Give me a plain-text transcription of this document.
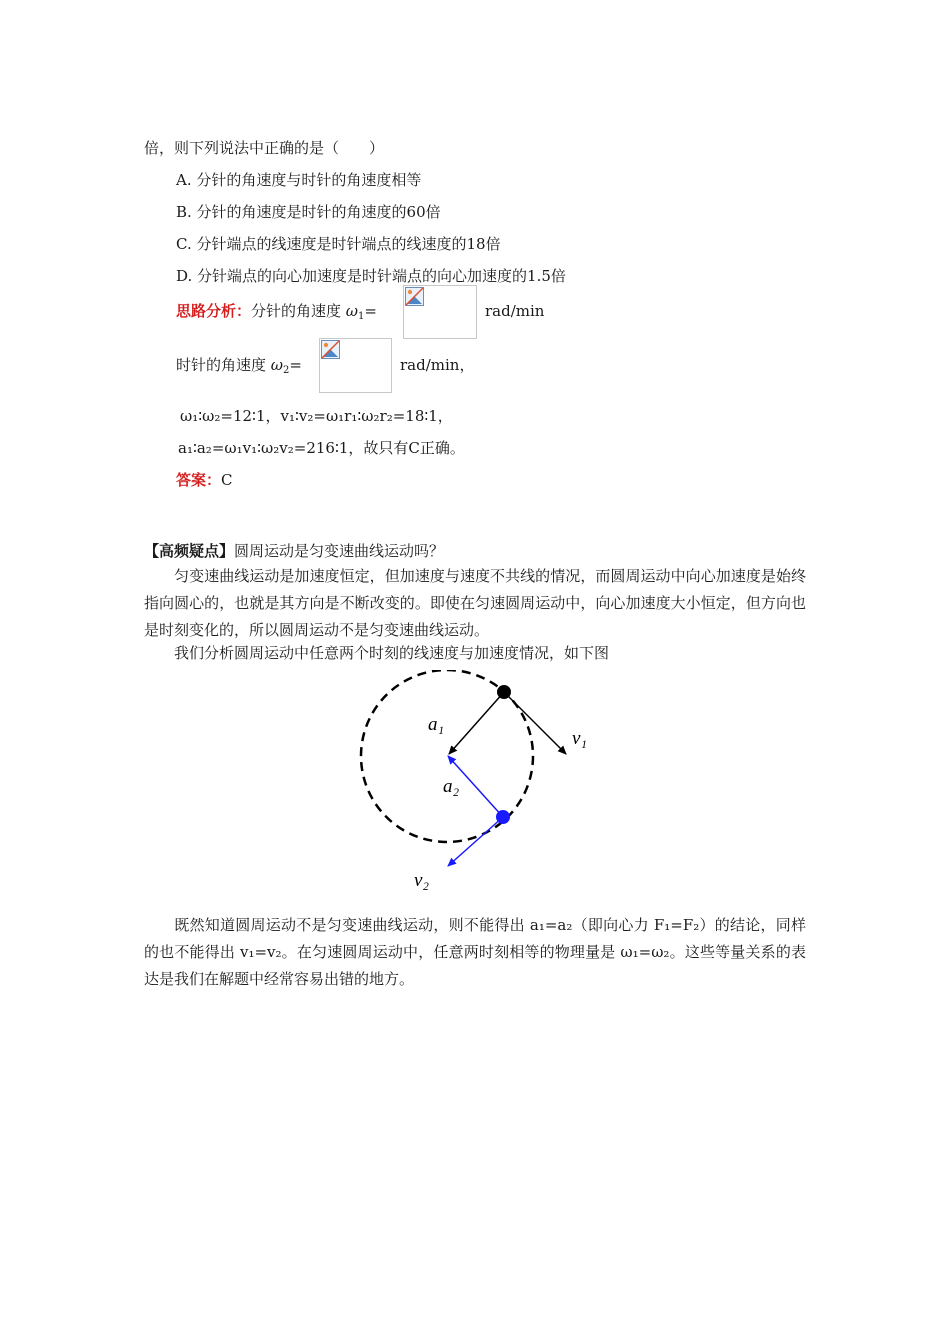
倍，则下列说法中正确的是（　　）
A. 分针的角速度与时针的角速度相等
B. 分针的角速度是时针的角速度的60倍
C. 分针端点的线速度是时针端点的线速度的18倍
D. 分针端点的向心加速度是时针端点的向心加速度的1.5倍
思路分析：分针的角速度 $\omega_1=$	rad/min
时针的角速度 $\omega_2=$	rad/min，
ω₁∶ω₂=12∶1，v₁∶v₂=ω₁r₁∶ω₂r₂=18∶1，
a₁∶a₂=ω₁v₁∶ω₂v₂=216∶1，故只有C正确。
答案：C
【高频疑点】圆周运动是匀变速曲线运动吗？
匀变速曲线运动是加速度恒定，但加速度与速度不共线的情况，而圆周运动中向心加速度是始终指向圆心的，也就是其方向是不断改变的。即使在匀速圆周运动中，向心加速度大小恒定，但方向也是时刻变化的，所以圆周运动不是匀变速曲线运动。
我们分析圆周运动中任意两个时刻的线速度与加速度情况，如下图
a₁
a₂
v₁
v₂
既然知道圆周运动不是匀变速曲线运动，则不能得出 a₁=a₂（即向心力 F₁=F₂）的结论，同样的也不能得出 v₁=v₂。在匀速圆周运动中，任意两时刻相等的物理量是 ω₁=ω₂。这些等量关系的表达是我们在解题中经常容易出错的地方。
